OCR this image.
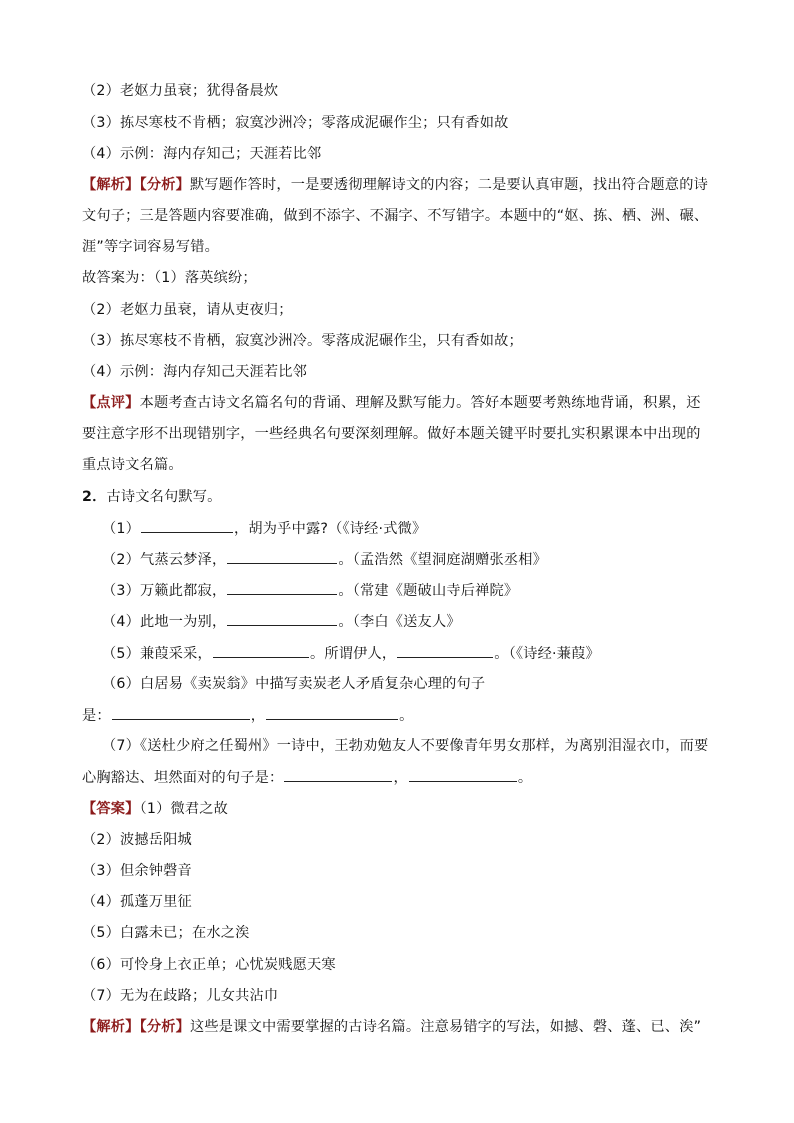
（2）老妪力虽衰；犹得备晨炊
（3）拣尽寒枝不肯栖；寂寞沙洲冷；零落成泥碾作尘；只有香如故
（4）示例：海内存知己；天涯若比邻
【解析】【分析】默写题作答时，一是要透彻理解诗文的内容；二是要认真审题，找出符合题意的诗
文句子；三是答题内容要准确，做到不添字、不漏字、不写错字。本题中的“妪、拣、栖、洲、碾、
涯”等字词容易写错。
故答案为：（1）落英缤纷；
（2）老妪力虽衰，请从吏夜归；
（3）拣尽寒枝不肯栖，寂寞沙洲冷。零落成泥碾作尘，只有香如故；
（4）示例：海内存知己天涯若比邻
【点评】本题考查古诗文名篇名句的背诵、理解及默写能力。答好本题要考熟练地背诵，积累，还
要注意字形不出现错别字，一些经典名句要深刻理解。做好本题关键平时要扎实积累课本中出现的
重点诗文名篇。
2．古诗文名句默写。
（1）	，胡为乎中露?（《诗经·式微》
（2）气蒸云梦泽，	。（孟浩然《望洞庭湖赠张丞相》
（3）万籁此都寂，	。（常建《题破山寺后禅院》
（4）此地一为别，	。（李白《送友人》
（5）兼葭采采，	。所谓伊人，	。（《诗经·蒹葭》
（6）白居易《卖炭翁》中描写卖炭老人矛盾复杂心理的句子
是：	，	。
（7）《送杜少府之任蜀州》一诗中，王勃劝勉友人不要像青年男女那样，为离别泪湿衣巾，而要
心胸豁达、坦然面对的句子是：	，	。
【答案】（1）微君之故
（2）波撼岳阳城
（3）但余钟磬音
（4）孤蓬万里征
（5）白露未已；在水之涘
（6）可怜身上衣正单；心忧炭贱愿天寒
（7）无为在歧路；儿女共沾巾
【解析】【分析】这些是课文中需要掌握的古诗名篇。注意易错字的写法，如撼、磬、蓬、已、涘”
